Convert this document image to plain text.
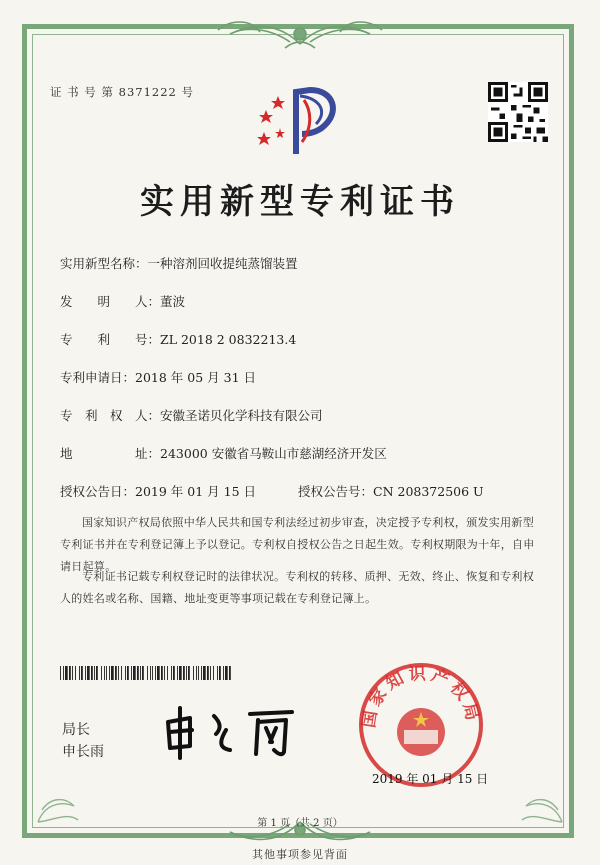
证 书 号 第 8371222 号
实用新型专利证书
实用新型名称：一种溶剂回收提纯蒸馏装置
发　　明　　人：董波
专　　利　　号：ZL 2018 2 0832213.4
专利申请日：2018 年 05 月 31 日
专　利　权　人：安徽圣诺贝化学科技有限公司
地　　　　　址：243000 安徽省马鞍山市慈湖经济开发区
授权公告日：2019 年 01 月 15 日	授权公告号：CN 208372506 U
国家知识产权局依照中华人民共和国专利法经过初步审查，决定授予专利权，颁发实用新型专利证书并在专利登记簿上予以登记。专利权自授权公告之日起生效。专利权期限为十年，自申请日起算。
专利证书记载专利权登记时的法律状况。专利权的转移、质押、无效、终止、恢复和专利权人的姓名或名称、国籍、地址变更等事项记载在专利登记簿上。
局长
申长雨
国家知识产权局
2019 年 01 月 15 日
第 1 页（共 2 页）
其他事项参见背面
